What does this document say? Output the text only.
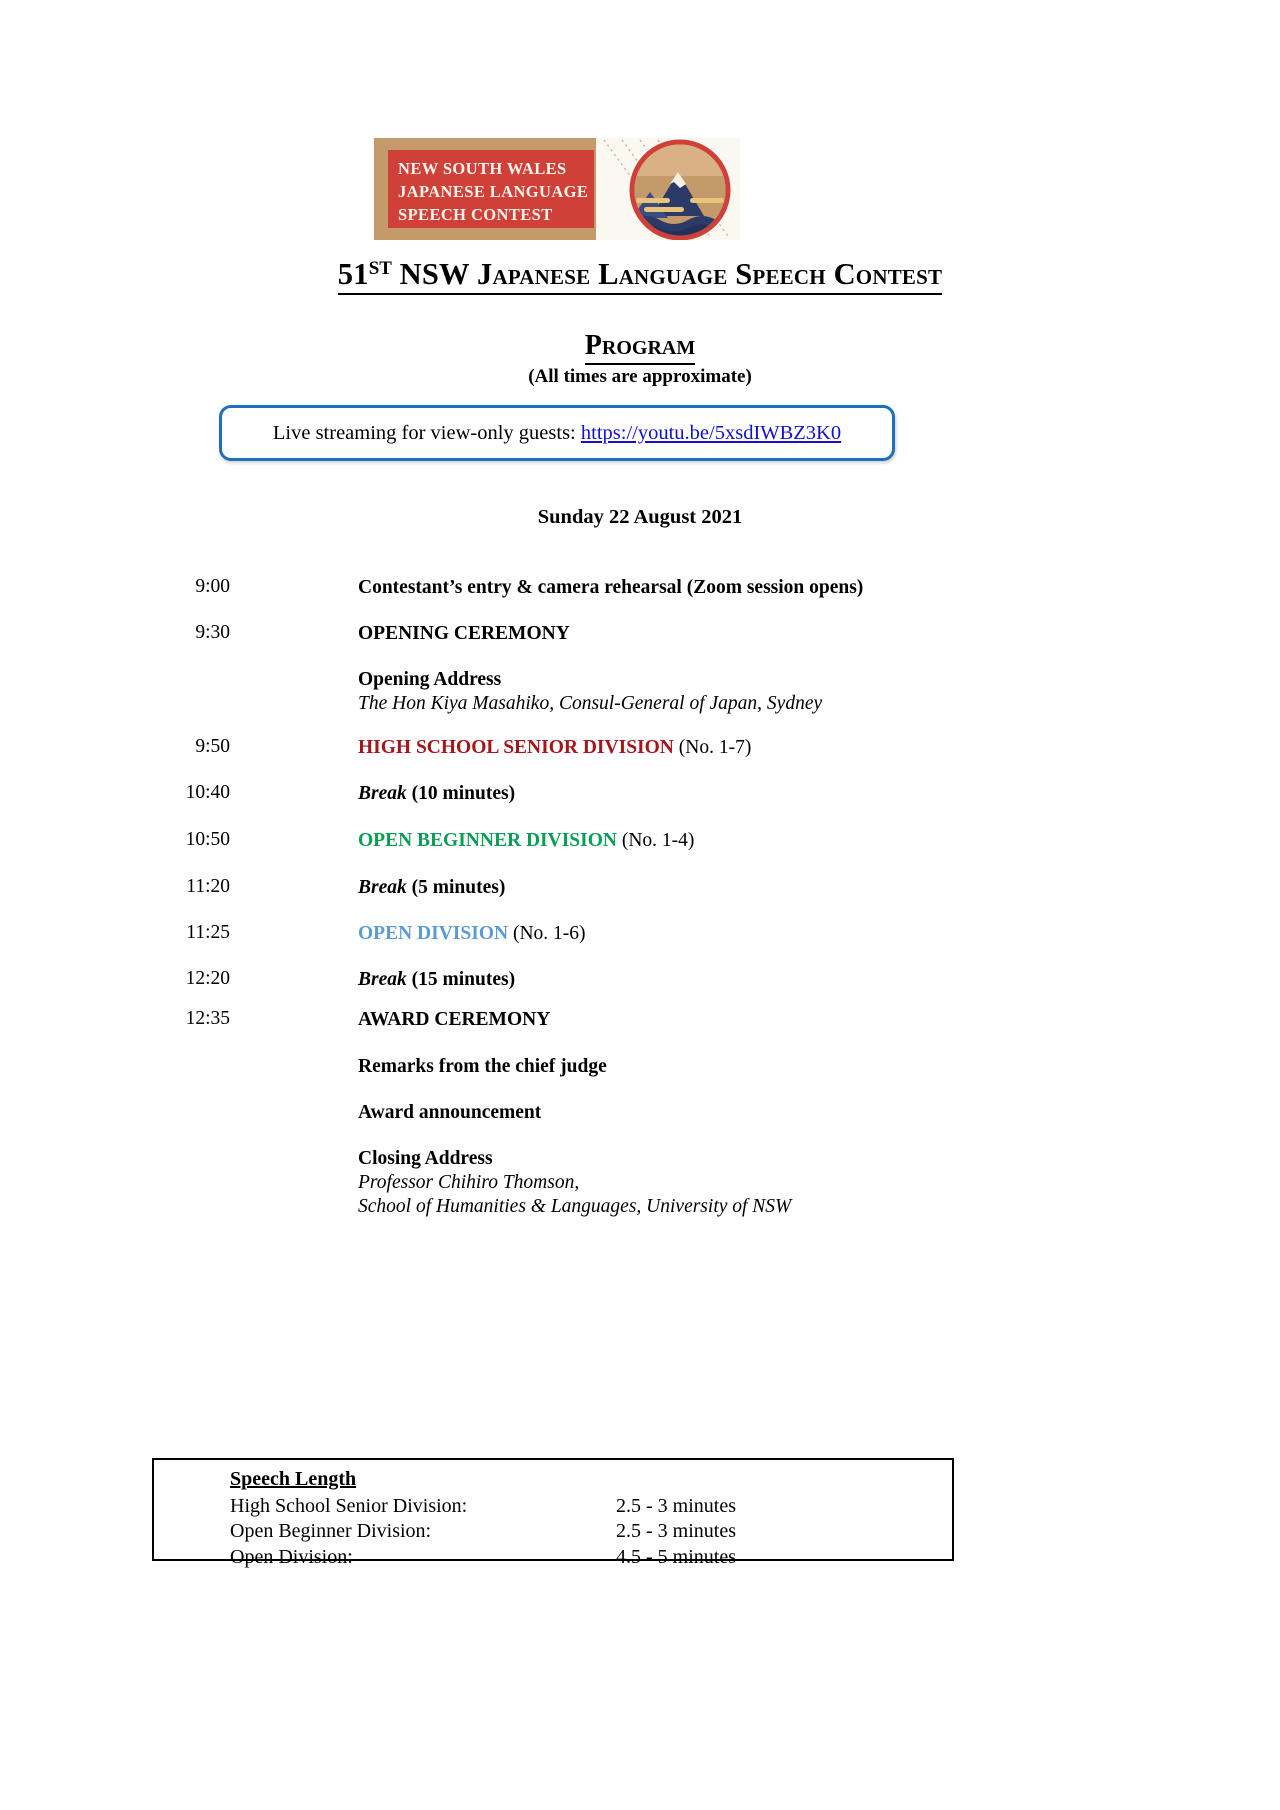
NEW SOUTH WALES
JAPANESE LANGUAGE
SPEECH CONTEST
51ST NSW Japanese Language Speech Contest
Program
(All times are approximate)
Live streaming for view-only guests: https://youtu.be/5xsdIWBZ3K0
Sunday 22 August 2021
9:00	Contestant’s entry & camera rehearsal (Zoom session opens)
9:30	OPENING CEREMONY
Opening Address
The Hon Kiya Masahiko, Consul-General of Japan, Sydney
9:50	HIGH SCHOOL SENIOR DIVISION (No. 1-7)
10:40	Break (10 minutes)
10:50	OPEN BEGINNER DIVISION (No. 1-4)
11:20	Break (5 minutes)
11:25	OPEN DIVISION (No. 1-6)
12:20	Break (15 minutes)
12:35	AWARD CEREMONY
Remarks from the chief judge
Award announcement
Closing Address
Professor Chihiro Thomson,
School of Humanities & Languages, University of NSW
Speech Length
High School Senior Division:	2.5 - 3 minutes
Open Beginner Division:	2.5 - 3 minutes
Open Division:	4.5 - 5 minutes
